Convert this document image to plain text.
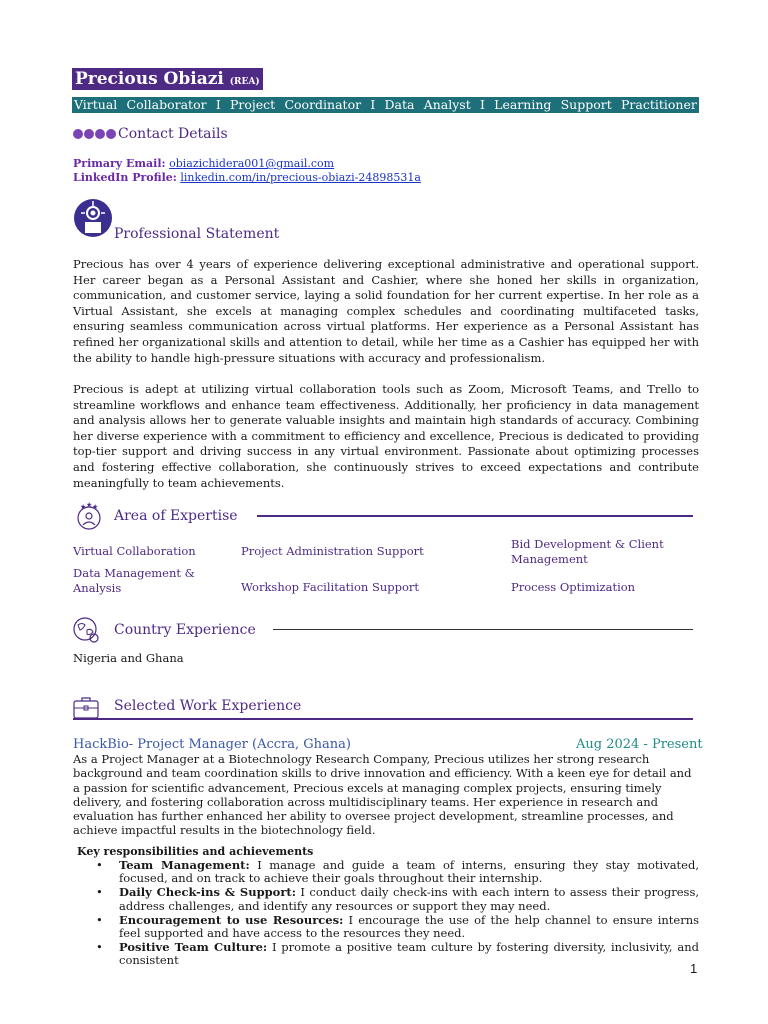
Precious Obiazi (REA)
Virtual Collaborator I Project Coordinator I Data Analyst I Learning Support Practitioner
Contact Details
Primary Email: obiazichidera001@gmail.com
LinkedIn Profile: linkedin.com/in/precious-obiazi-24898531a
Professional Statement
Precious has over 4 years of experience delivering exceptional administrative and operational support. Her career began as a Personal Assistant and Cashier, where she honed her skills in organization, communication, and customer service, laying a solid foundation for her current expertise. In her role as a Virtual Assistant, she excels at managing complex schedules and coordinating multifaceted tasks, ensuring seamless communication across virtual platforms. Her experience as a Personal Assistant has refined her organizational skills and attention to detail, while her time as a Cashier has equipped her with the ability to handle high-pressure situations with accuracy and professionalism.
Precious is adept at utilizing virtual collaboration tools such as Zoom, Microsoft Teams, and Trello to streamline workflows and enhance team effectiveness. Additionally, her proficiency in data management and analysis allows her to generate valuable insights and maintain high standards of accuracy. Combining her diverse experience with a commitment to efficiency and excellence, Precious is dedicated to providing top-tier support and driving success in any virtual environment. Passionate about optimizing processes and fostering effective collaboration, she continuously strives to exceed expectations and contribute meaningfully to team achievements.
★ ★ ★
Area of Expertise
Virtual Collaboration	Project Administration Support	Bid Development & Client Management
Data Management & Analysis	Workshop Facilitation Support	Process Optimization
Country Experience
Nigeria and Ghana
Selected Work Experience
HackBio- Project Manager (Accra, Ghana)	Aug 2024 - Present
As a Project Manager at a Biotechnology Research Company, Precious utilizes her strong research background and team coordination skills to drive innovation and efficiency. With a keen eye for detail and a passion for scientific advancement, Precious excels at managing complex projects, ensuring timely delivery, and fostering collaboration across multidisciplinary teams. Her experience in research and evaluation has further enhanced her ability to oversee project development, streamline processes, and achieve impactful results in the biotechnology field.
Key responsibilities and achievements
• Team Management: I manage and guide a team of interns, ensuring they stay motivated, focused, and on track to achieve their goals throughout their internship.
• Daily Check-ins & Support: I conduct daily check-ins with each intern to assess their progress, address challenges, and identify any resources or support they may need.
• Encouragement to use Resources: I encourage the use of the help channel to ensure interns feel supported and have access to the resources they need.
• Positive Team Culture: I promote a positive team culture by fostering diversity, inclusivity, and consistent
1
